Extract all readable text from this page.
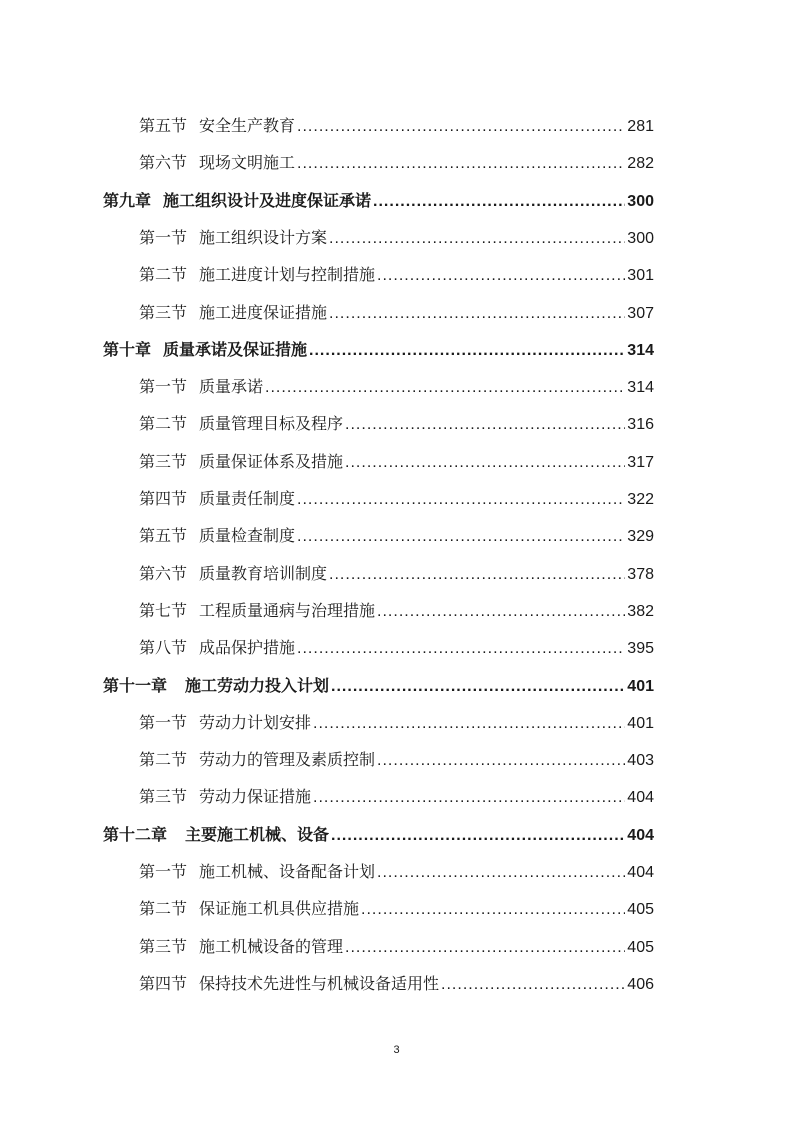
第五节 安全生产教育 .....	281
第六节 现场文明施工 .....	282
第九章 施工组织设计及进度保证承诺 .....	300
第一节 施工组织设计方案 .....	300
第二节 施工进度计划与控制措施 .....	301
第三节 施工进度保证措施 .....	307
第十章 质量承诺及保证措施 .....	314
第一节 质量承诺 .....	314
第二节 质量管理目标及程序 .....	316
第三节 质量保证体系及措施 .....	317
第四节 质量责任制度 .....	322
第五节 质量检查制度 .....	329
第六节 质量教育培训制度 .....	378
第七节 工程质量通病与治理措施 .....	382
第八节 成品保护措施 .....	395
第十一章 施工劳动力投入计划 .....	401
第一节 劳动力计划安排 .....	401
第二节 劳动力的管理及素质控制 .....	403
第三节 劳动力保证措施 .....	404
第十二章 主要施工机械、设备 .....	404
第一节 施工机械、设备配备计划 .....	404
第二节 保证施工机具供应措施 .....	405
第三节 施工机械设备的管理 .....	405
第四节 保持技术先进性与机械设备适用性 .....	406
3
